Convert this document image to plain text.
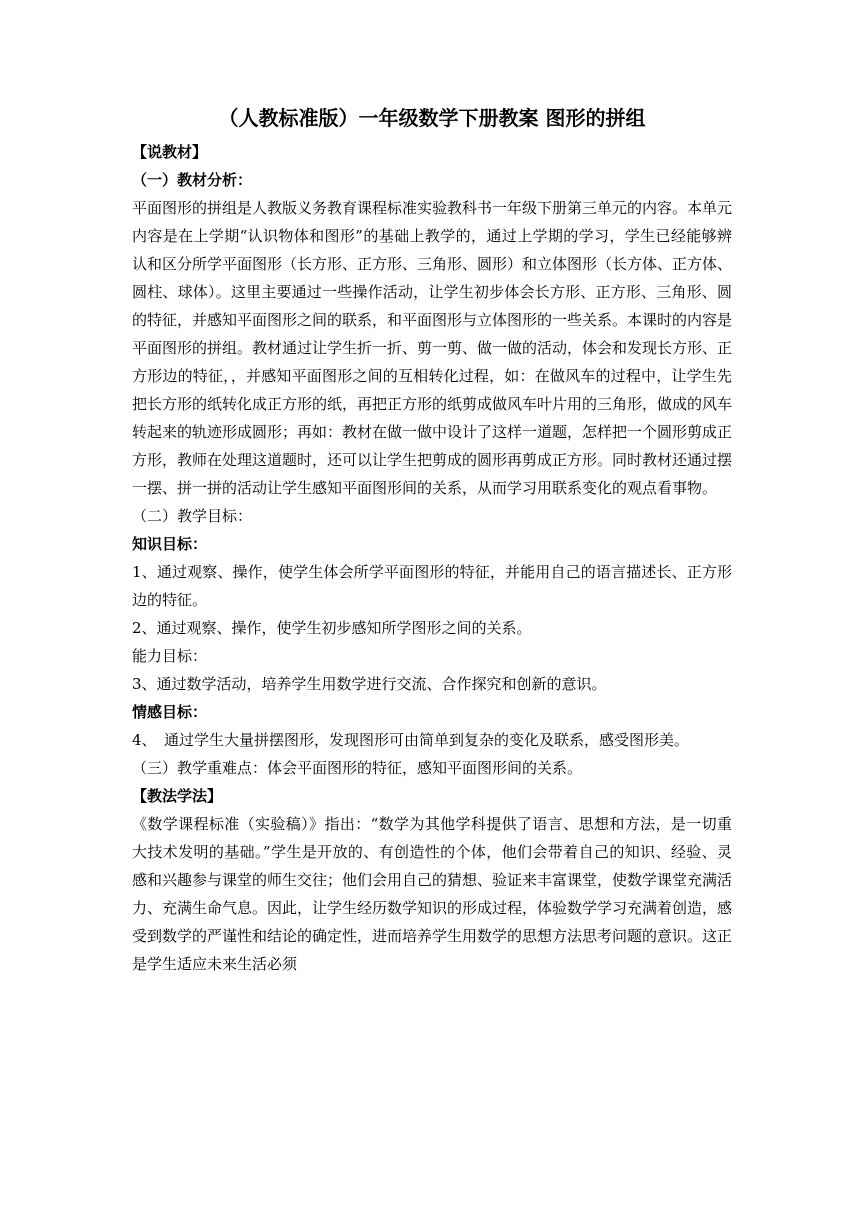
（人教标准版）一年级数学下册教案 图形的拼组
【说教材】
（一）教材分析：

平面图形的拼组是人教版义务教育课程标准实验教科书一年级下册第三单元的内容。本单元内容是在上学期“认识物体和图形”的基础上教学的，通过上学期的学习，学生已经能够辨认和区分所学平面图形（长方形、正方形、三角形、圆形）和立体图形（长方体、正方体、圆柱、球体）。这里主要通过一些操作活动，让学生初步体会长方形、正方形、三角形、圆的特征，并感知平面图形之间的联系，和平面图形与立体图形的一些关系。本课时的内容是平面图形的拼组。教材通过让学生折一折、剪一剪、做一做的活动，体会和发现长方形、正方形边的特征，，并感知平面图形之间的互相转化过程，如：在做风车的过程中，让学生先把长方形的纸转化成正方形的纸，再把正方形的纸剪成做风车叶片用的三角形，做成的风车转起来的轨迹形成圆形；再如：教材在做一做中设计了这样一道题，怎样把一个圆形剪成正方形，教师在处理这道题时，还可以让学生把剪成的圆形再剪成正方形。同时教材还通过摆一摆、拼一拼的活动让学生感知平面图形间的关系，从而学习用联系变化的观点看事物。

（二）教学目标：
知识目标：

1、通过观察、操作，使学生体会所学平面图形的特征，并能用自己的语言描述长、正方形边的特征。

2、通过观察、操作，使学生初步感知所学图形之间的关系。

能力目标：

3、通过数学活动，培养学生用数学进行交流、合作探究和创新的意识。

情感目标：

4、　通过学生大量拼摆图形，发现图形可由简单到复杂的变化及联系，感受图形美。

（三）教学重难点：体会平面图形的特征，感知平面图形间的关系。
【教法学法】

《数学课程标准（实验稿）》指出：“数学为其他学科提供了语言、思想和方法，是一切重大技术发明的基础。”学生是开放的、有创造性的个体，他们会带着自己的知识、经验、灵感和兴趣参与课堂的师生交往；他们会用自己的猜想、验证来丰富课堂，使数学课堂充满活力、充满生命气息。因此，让学生经历数学知识的形成过程，体验数学学习充满着创造，感受到数学的严谨性和结论的确定性，进而培养学生用数学的思想方法思考问题的意识。这正是学生适应未来生活必须
